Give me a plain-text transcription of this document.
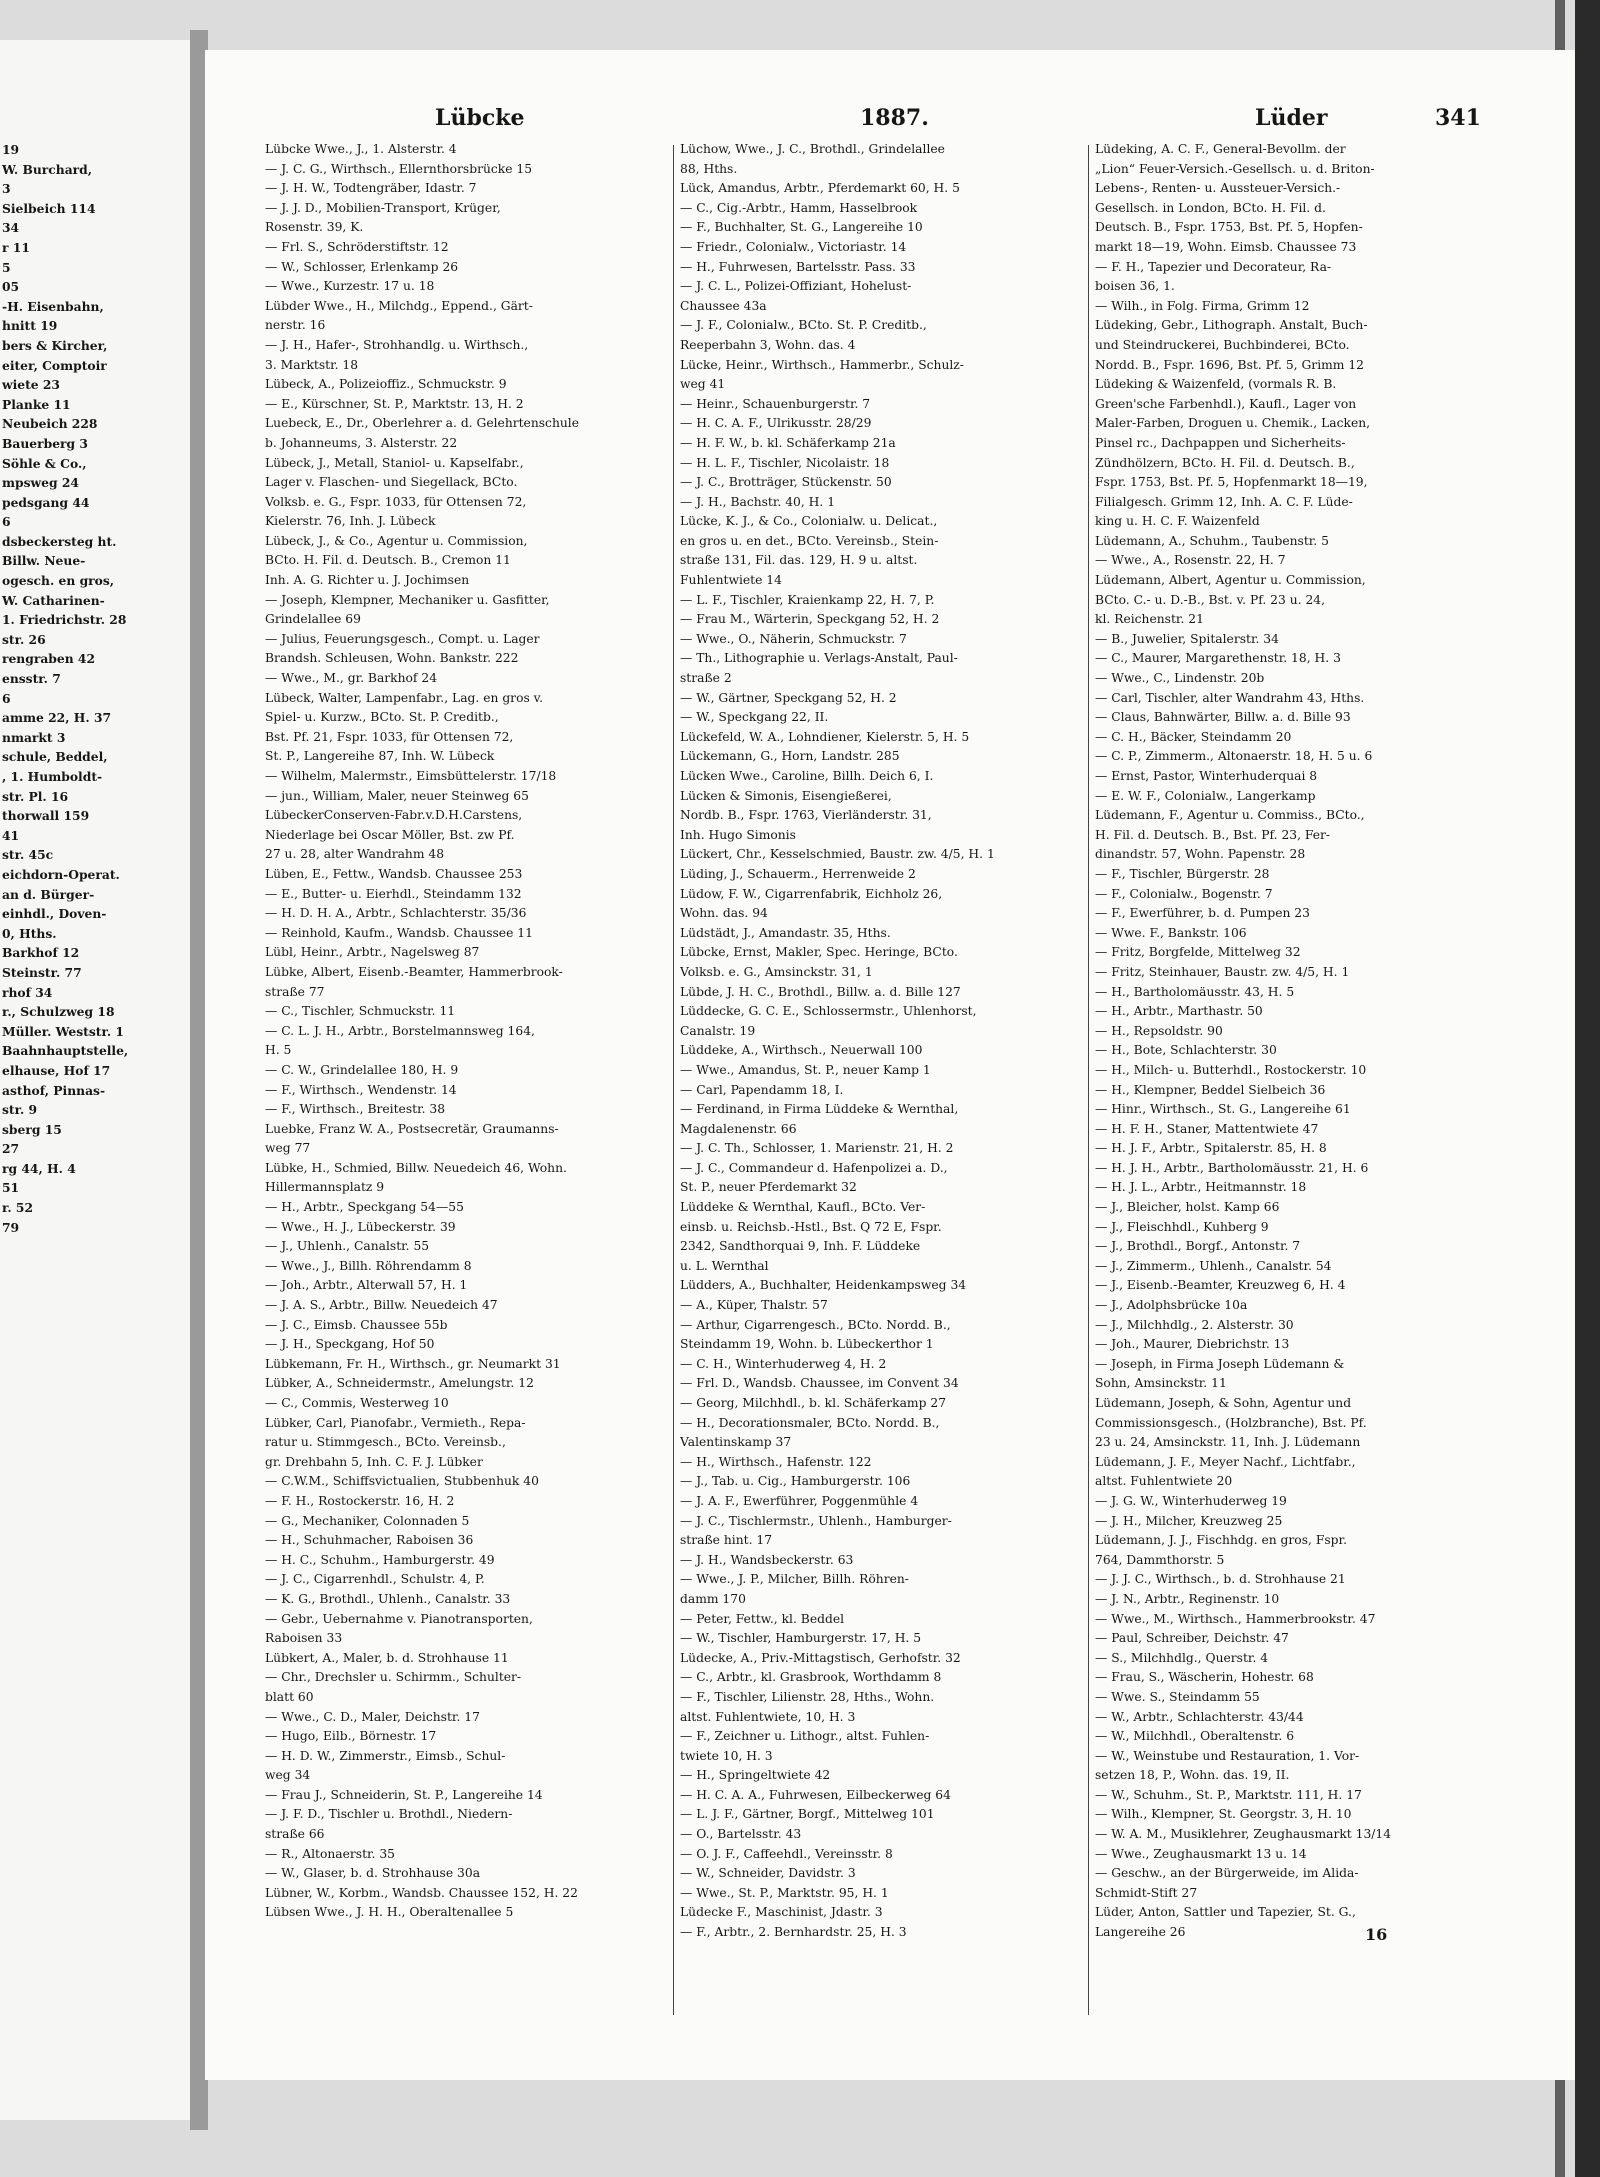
19
W. Burchard,
3
Sielbeich 114
34
r 11
5
05
-H. Eisenbahn,
hnitt 19
bers & Kircher,
eiter, Comptoir
wiete 23
Planke 11
Neubeich 228
Bauerberg 3
Söhle & Co.,
mpsweg 24
pedsgang 44
6
dsbeckersteg ht.
Billw. Neue-
ogesch. en gros,
W. Catharinen-
1. Friedrichstr. 28
str. 26
rengraben 42
ensstr. 7
6
amme 22, H. 37
nmarkt 3
schule, Beddel,
, 1. Humboldt-
str. Pl. 16
thorwall 159
41
str. 45c
eichdorn-Operat.
an d. Bürger-
einhdl., Doven-
0, Hths.
Barkhof 12
Steinstr. 77
rhof 34
r., Schulzweg 18
Müller. Weststr. 1
Baahnhauptstelle,
elhause, Hof 17
asthof, Pinnas-
str. 9
sberg 15
27
rg 44, H. 4
51
r. 52
79
Lübcke	1887.	Lüder	341
Lübcke Wwe., J., 1. Alsterstr. 4
— J. C. G., Wirthsch., Ellernthorsbrücke 15
— J. H. W., Todtengräber, Idastr. 7
— J. J. D., Mobilien-Transport, Krüger,
Rosenstr. 39, K.
— Frl. S., Schröderstiftstr. 12
— W., Schlosser, Erlenkamp 26
— Wwe., Kurzestr. 17 u. 18
Lübder Wwe., H., Milchdg., Eppend., Gärt-
nerstr. 16
— J. H., Hafer-, Strohhandlg. u. Wirthsch.,
3. Marktstr. 18
Lübeck, A., Polizeioffiz., Schmuckstr. 9
— E., Kürschner, St. P., Marktstr. 13, H. 2
Luebeck, E., Dr., Oberlehrer a. d. Gelehrtenschule
b. Johanneums, 3. Alsterstr. 22
Lübeck, J., Metall, Staniol- u. Kapselfabr.,
Lager v. Flaschen- und Siegellack, BCto.
Volksb. e. G., Fspr. 1033, für Ottensen 72,
Kielerstr. 76, Inh. J. Lübeck
Lübeck, J., & Co., Agentur u. Commission,
BCto. H. Fil. d. Deutsch. B., Cremon 11
Inh. A. G. Richter u. J. Jochimsen
— Joseph, Klempner, Mechaniker u. Gasfitter,
Grindelallee 69
— Julius, Feuerungsgesch., Compt. u. Lager
Brandsh. Schleusen, Wohn. Bankstr. 222
— Wwe., M., gr. Barkhof 24
Lübeck, Walter, Lampenfabr., Lag. en gros v.
Spiel- u. Kurzw., BCto. St. P. Creditb.,
Bst. Pf. 21, Fspr. 1033, für Ottensen 72,
St. P., Langereihe 87, Inh. W. Lübeck
— Wilhelm, Malermstr., Eimsbüttelerstr. 17/18
— jun., William, Maler, neuer Steinweg 65
LübeckerConserven-Fabr.v.D.H.Carstens,
Niederlage bei Oscar Möller, Bst. zw Pf.
27 u. 28, alter Wandrahm 48
Lüben, E., Fettw., Wandsb. Chaussee 253
— E., Butter- u. Eierhdl., Steindamm 132
— H. D. H. A., Arbtr., Schlachterstr. 35/36
— Reinhold, Kaufm., Wandsb. Chaussee 11
Lübl, Heinr., Arbtr., Nagelsweg 87
Lübke, Albert, Eisenb.-Beamter, Hammerbrook-
straße 77
— C., Tischler, Schmuckstr. 11
— C. L. J. H., Arbtr., Borstelmannsweg 164,
H. 5
— C. W., Grindelallee 180, H. 9
— F., Wirthsch., Wendenstr. 14
— F., Wirthsch., Breitestr. 38
Luebke, Franz W. A., Postsecretär, Graumanns-
weg 77
Lübke, H., Schmied, Billw. Neuedeich 46, Wohn.
Hillermannsplatz 9
— H., Arbtr., Speckgang 54—55
— Wwe., H. J., Lübeckerstr. 39
— J., Uhlenh., Canalstr. 55
— Wwe., J., Billh. Röhrendamm 8
— Joh., Arbtr., Alterwall 57, H. 1
— J. A. S., Arbtr., Billw. Neuedeich 47
— J. C., Eimsb. Chaussee 55b
— J. H., Speckgang, Hof 50
Lübkemann, Fr. H., Wirthsch., gr. Neumarkt 31
Lübker, A., Schneidermstr., Amelungstr. 12
— C., Commis, Westerweg 10
Lübker, Carl, Pianofabr., Vermieth., Repa-
ratur u. Stimmgesch., BCto. Vereinsb.,
gr. Drehbahn 5, Inh. C. F. J. Lübker
— C.W.M., Schiffsvictualien, Stubbenhuk 40
— F. H., Rostockerstr. 16, H. 2
— G., Mechaniker, Colonnaden 5
— H., Schuhmacher, Raboisen 36
— H. C., Schuhm., Hamburgerstr. 49
— J. C., Cigarrenhdl., Schulstr. 4, P.
— K. G., Brothdl., Uhlenh., Canalstr. 33
— Gebr., Uebernahme v. Pianotransporten,
Raboisen 33
Lübkert, A., Maler, b. d. Strohhause 11
— Chr., Drechsler u. Schirmm., Schulter-
blatt 60
— Wwe., C. D., Maler, Deichstr. 17
— Hugo, Eilb., Börnestr. 17
— H. D. W., Zimmerstr., Eimsb., Schul-
weg 34
— Frau J., Schneiderin, St. P., Langereihe 14
— J. F. D., Tischler u. Brothdl., Niedern-
straße 66
— R., Altonaerstr. 35
— W., Glaser, b. d. Strohhause 30a
Lübner, W., Korbm., Wandsb. Chaussee 152, H. 22
Lübsen Wwe., J. H. H., Oberaltenallee 5
Lüchow, Wwe., J. C., Brothdl., Grindelallee
88, Hths.
Lück, Amandus, Arbtr., Pferdemarkt 60, H. 5
— C., Cig.-Arbtr., Hamm, Hasselbrook
— F., Buchhalter, St. G., Langereihe 10
— Friedr., Colonialw., Victoriastr. 14
— H., Fuhrwesen, Bartelsstr. Pass. 33
— J. C. L., Polizei-Offiziant, Hohelust-
Chaussee 43a
— J. F., Colonialw., BCto. St. P. Creditb.,
Reeperbahn 3, Wohn. das. 4
Lücke, Heinr., Wirthsch., Hammerbr., Schulz-
weg 41
— Heinr., Schauenburgerstr. 7
— H. C. A. F., Ulrikusstr. 28/29
— H. F. W., b. kl. Schäferkamp 21a
— H. L. F., Tischler, Nicolaistr. 18
— J. C., Brotträger, Stückenstr. 50
— J. H., Bachstr. 40, H. 1
Lücke, K. J., & Co., Colonialw. u. Delicat.,
en gros u. en det., BCto. Vereinsb., Stein-
straße 131, Fil. das. 129, H. 9 u. altst.
Fuhlentwiete 14
— L. F., Tischler, Kraienkamp 22, H. 7, P.
— Frau M., Wärterin, Speckgang 52, H. 2
— Wwe., O., Näherin, Schmuckstr. 7
— Th., Lithographie u. Verlags-Anstalt, Paul-
straße 2
— W., Gärtner, Speckgang 52, H. 2
— W., Speckgang 22, II.
Lückefeld, W. A., Lohndiener, Kielerstr. 5, H. 5
Lückemann, G., Horn, Landstr. 285
Lücken Wwe., Caroline, Billh. Deich 6, I.
Lücken & Simonis, Eisengießerei,
Nordb. B., Fspr. 1763, Vierländerstr. 31,
Inh. Hugo Simonis
Lückert, Chr., Kesselschmied, Baustr. zw. 4/5, H. 1
Lüding, J., Schauerm., Herrenweide 2
Lüdow, F. W., Cigarrenfabrik, Eichholz 26,
Wohn. das. 94
Lüdstädt, J., Amandastr. 35, Hths.
Lübcke, Ernst, Makler, Spec. Heringe, BCto.
Volksb. e. G., Amsinckstr. 31, 1
Lübde, J. H. C., Brothdl., Billw. a. d. Bille 127
Lüddecke, G. C. E., Schlossermstr., Uhlenhorst,
Canalstr. 19
Lüddeke, A., Wirthsch., Neuerwall 100
— Wwe., Amandus, St. P., neuer Kamp 1
— Carl, Papendamm 18, I.
— Ferdinand, in Firma Lüddeke & Wernthal,
Magdalenenstr. 66
— J. C. Th., Schlosser, 1. Marienstr. 21, H. 2
— J. C., Commandeur d. Hafenpolizei a. D.,
St. P., neuer Pferdemarkt 32
Lüddeke & Wernthal, Kaufl., BCto. Ver-
einsb. u. Reichsb.-Hstl., Bst. Q 72 E, Fspr.
2342, Sandthorquai 9, Inh. F. Lüddeke
u. L. Wernthal
Lüdders, A., Buchhalter, Heidenkampsweg 34
— A., Küper, Thalstr. 57
— Arthur, Cigarrengesch., BCto. Nordd. B.,
Steindamm 19, Wohn. b. Lübeckerthor 1
— C. H., Winterhuderweg 4, H. 2
— Frl. D., Wandsb. Chaussee, im Convent 34
— Georg, Milchhdl., b. kl. Schäferkamp 27
— H., Decorationsmaler, BCto. Nordd. B.,
Valentinskamp 37
— H., Wirthsch., Hafenstr. 122
— J., Tab. u. Cig., Hamburgerstr. 106
— J. A. F., Ewerführer, Poggenmühle 4
— J. C., Tischlermstr., Uhlenh., Hamburger-
straße hint. 17
— J. H., Wandsbeckerstr. 63
— Wwe., J. P., Milcher, Billh. Röhren-
damm 170
— Peter, Fettw., kl. Beddel
— W., Tischler, Hamburgerstr. 17, H. 5
Lüdecke, A., Priv.-Mittagstisch, Gerhofstr. 32
— C., Arbtr., kl. Grasbrook, Worthdamm 8
— F., Tischler, Lilienstr. 28, Hths., Wohn.
altst. Fuhlentwiete, 10, H. 3
— F., Zeichner u. Lithogr., altst. Fuhlen-
twiete 10, H. 3
— H., Springeltwiete 42
— H. C. A. A., Fuhrwesen, Eilbeckerweg 64
— L. J. F., Gärtner, Borgf., Mittelweg 101
— O., Bartelsstr. 43
— O. J. F., Caffeehdl., Vereinsstr. 8
— W., Schneider, Davidstr. 3
— Wwe., St. P., Marktstr. 95, H. 1
Lüdecke F., Maschinist, Jdastr. 3
— F., Arbtr., 2. Bernhardstr. 25, H. 3
Lüdeking, A. C. F., General-Bevollm. der
„Lion“ Feuer-Versich.-Gesellsch. u. d. Briton-
Lebens-, Renten- u. Aussteuer-Versich.-
Gesellsch. in London, BCto. H. Fil. d.
Deutsch. B., Fspr. 1753, Bst. Pf. 5, Hopfen-
markt 18—19, Wohn. Eimsb. Chaussee 73
— F. H., Tapezier und Decorateur, Ra-
boisen 36, 1.
— Wilh., in Folg. Firma, Grimm 12
Lüdeking, Gebr., Lithograph. Anstalt, Buch-
und Steindruckerei, Buchbinderei, BCto.
Nordd. B., Fspr. 1696, Bst. Pf. 5, Grimm 12
Lüdeking & Waizenfeld, (vormals R. B.
Green'sche Farbenhdl.), Kaufl., Lager von
Maler-Farben, Droguen u. Chemik., Lacken,
Pinsel rc., Dachpappen und Sicherheits-
Zündhölzern, BCto. H. Fil. d. Deutsch. B.,
Fspr. 1753, Bst. Pf. 5, Hopfenmarkt 18—19,
Filialgesch. Grimm 12, Inh. A. C. F. Lüde-
king u. H. C. F. Waizenfeld
Lüdemann, A., Schuhm., Taubenstr. 5
— Wwe., A., Rosenstr. 22, H. 7
Lüdemann, Albert, Agentur u. Commission,
BCto. C.- u. D.-B., Bst. v. Pf. 23 u. 24,
kl. Reichenstr. 21
— B., Juwelier, Spitalerstr. 34
— C., Maurer, Margarethenstr. 18, H. 3
— Wwe., C., Lindenstr. 20b
— Carl, Tischler, alter Wandrahm 43, Hths.
— Claus, Bahnwärter, Billw. a. d. Bille 93
— C. H., Bäcker, Steindamm 20
— C. P., Zimmerm., Altonaerstr. 18, H. 5 u. 6
— Ernst, Pastor, Winterhuderquai 8
— E. W. F., Colonialw., Langerkamp
Lüdemann, F., Agentur u. Commiss., BCto.,
H. Fil. d. Deutsch. B., Bst. Pf. 23, Fer-
dinandstr. 57, Wohn. Papenstr. 28
— F., Tischler, Bürgerstr. 28
— F., Colonialw., Bogenstr. 7
— F., Ewerführer, b. d. Pumpen 23
— Wwe. F., Bankstr. 106
— Fritz, Borgfelde, Mittelweg 32
— Fritz, Steinhauer, Baustr. zw. 4/5, H. 1
— H., Bartholomäusstr. 43, H. 5
— H., Arbtr., Marthastr. 50
— H., Repsoldstr. 90
— H., Bote, Schlachterstr. 30
— H., Milch- u. Butterhdl., Rostockerstr. 10
— H., Klempner, Beddel Sielbeich 36
— Hinr., Wirthsch., St. G., Langereihe 61
— H. F. H., Staner, Mattentwiete 47
— H. J. F., Arbtr., Spitalerstr. 85, H. 8
— H. J. H., Arbtr., Bartholomäusstr. 21, H. 6
— H. J. L., Arbtr., Heitmannstr. 18
— J., Bleicher, holst. Kamp 66
— J., Fleischhdl., Kuhberg 9
— J., Brothdl., Borgf., Antonstr. 7
— J., Zimmerm., Uhlenh., Canalstr. 54
— J., Eisenb.-Beamter, Kreuzweg 6, H. 4
— J., Adolphsbrücke 10a
— J., Milchhdlg., 2. Alsterstr. 30
— Joh., Maurer, Diebrichstr. 13
— Joseph, in Firma Joseph Lüdemann &
Sohn, Amsinckstr. 11
Lüdemann, Joseph, & Sohn, Agentur und
Commissionsgesch., (Holzbranche), Bst. Pf.
23 u. 24, Amsinckstr. 11, Inh. J. Lüdemann
Lüdemann, J. F., Meyer Nachf., Lichtfabr.,
altst. Fuhlentwiete 20
— J. G. W., Winterhuderweg 19
— J. H., Milcher, Kreuzweg 25
Lüdemann, J. J., Fischhdg. en gros, Fspr.
764, Dammthorstr. 5
— J. J. C., Wirthsch., b. d. Strohhause 21
— J. N., Arbtr., Reginenstr. 10
— Wwe., M., Wirthsch., Hammerbrookstr. 47
— Paul, Schreiber, Deichstr. 47
— S., Milchhdlg., Querstr. 4
— Frau, S., Wäscherin, Hohestr. 68
— Wwe. S., Steindamm 55
— W., Arbtr., Schlachterstr. 43/44
— W., Milchhdl., Oberaltenstr. 6
— W., Weinstube und Restauration, 1. Vor-
setzen 18, P., Wohn. das. 19, II.
— W., Schuhm., St. P., Marktstr. 111, H. 17
— Wilh., Klempner, St. Georgstr. 3, H. 10
— W. A. M., Musiklehrer, Zeughausmarkt 13/14
— Wwe., Zeughausmarkt 13 u. 14
— Geschw., an der Bürgerweide, im Alida-
Schmidt-Stift 27
Lüder, Anton, Sattler und Tapezier, St. G.,
Langereihe 26	16
